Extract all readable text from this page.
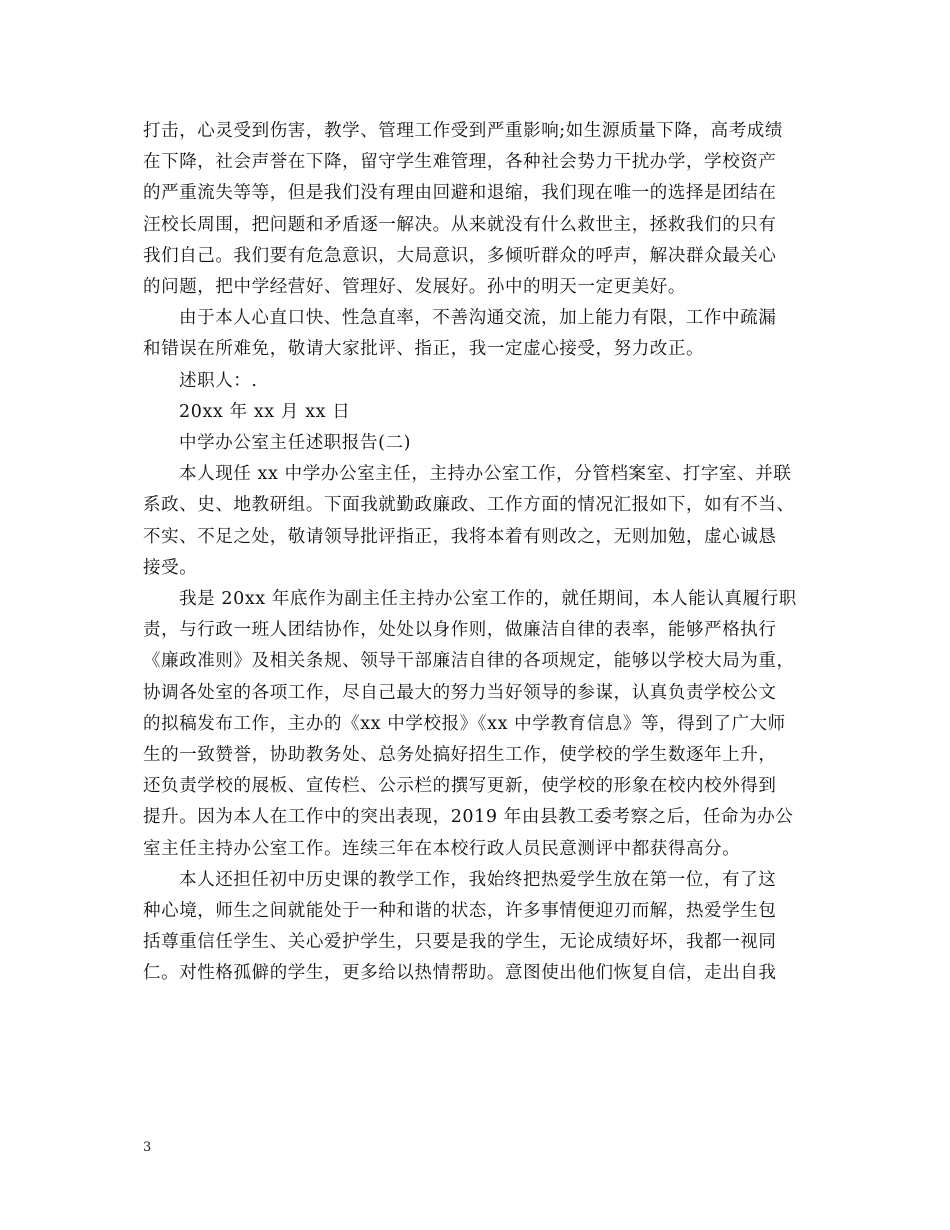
打击，心灵受到伤害，教学、管理工作受到严重影响;如生源质量下降，高考成绩
在下降，社会声誉在下降，留守学生难管理，各种社会势力干扰办学，学校资产
的严重流失等等，但是我们没有理由回避和退缩，我们现在唯一的选择是团结在
汪校长周围，把问题和矛盾逐一解决。从来就没有什么救世主，拯救我们的只有
我们自己。我们要有危急意识，大局意识，多倾听群众的呼声，解决群众最关心
的问题，把中学经营好、管理好、发展好。孙中的明天一定更美好。
由于本人心直口快、性急直率，不善沟通交流，加上能力有限，工作中疏漏
和错误在所难免，敬请大家批评、指正，我一定虚心接受，努力改正。
述职人：.
20xx 年 xx 月 xx 日
中学办公室主任述职报告(二)
本人现任 xx 中学办公室主任，主持办公室工作，分管档案室、打字室、并联
系政、史、地教研组。下面我就勤政廉政、工作方面的情况汇报如下，如有不当、
不实、不足之处，敬请领导批评指正，我将本着有则改之，无则加勉，虚心诚恳
接受。
我是 20xx 年底作为副主任主持办公室工作的，就任期间，本人能认真履行职
责，与行政一班人团结协作，处处以身作则，做廉洁自律的表率，能够严格执行
《廉政准则》及相关条规、领导干部廉洁自律的各项规定，能够以学校大局为重，
协调各处室的各项工作，尽自己最大的努力当好领导的参谋，认真负责学校公文
的拟稿发布工作，主办的《xx 中学校报》《xx 中学教育信息》等，得到了广大师
生的一致赞誉，协助教务处、总务处搞好招生工作，使学校的学生数逐年上升，
还负责学校的展板、宣传栏、公示栏的撰写更新，使学校的形象在校内校外得到
提升。因为本人在工作中的突出表现，2019 年由县教工委考察之后，任命为办公
室主任主持办公室工作。连续三年在本校行政人员民意测评中都获得高分。
本人还担任初中历史课的教学工作，我始终把热爱学生放在第一位，有了这
种心境，师生之间就能处于一种和谐的状态，许多事情便迎刃而解，热爱学生包
括尊重信任学生、关心爱护学生，只要是我的学生，无论成绩好坏，我都一视同
仁。对性格孤僻的学生，更多给以热情帮助。意图使出他们恢复自信，走出自我
3
